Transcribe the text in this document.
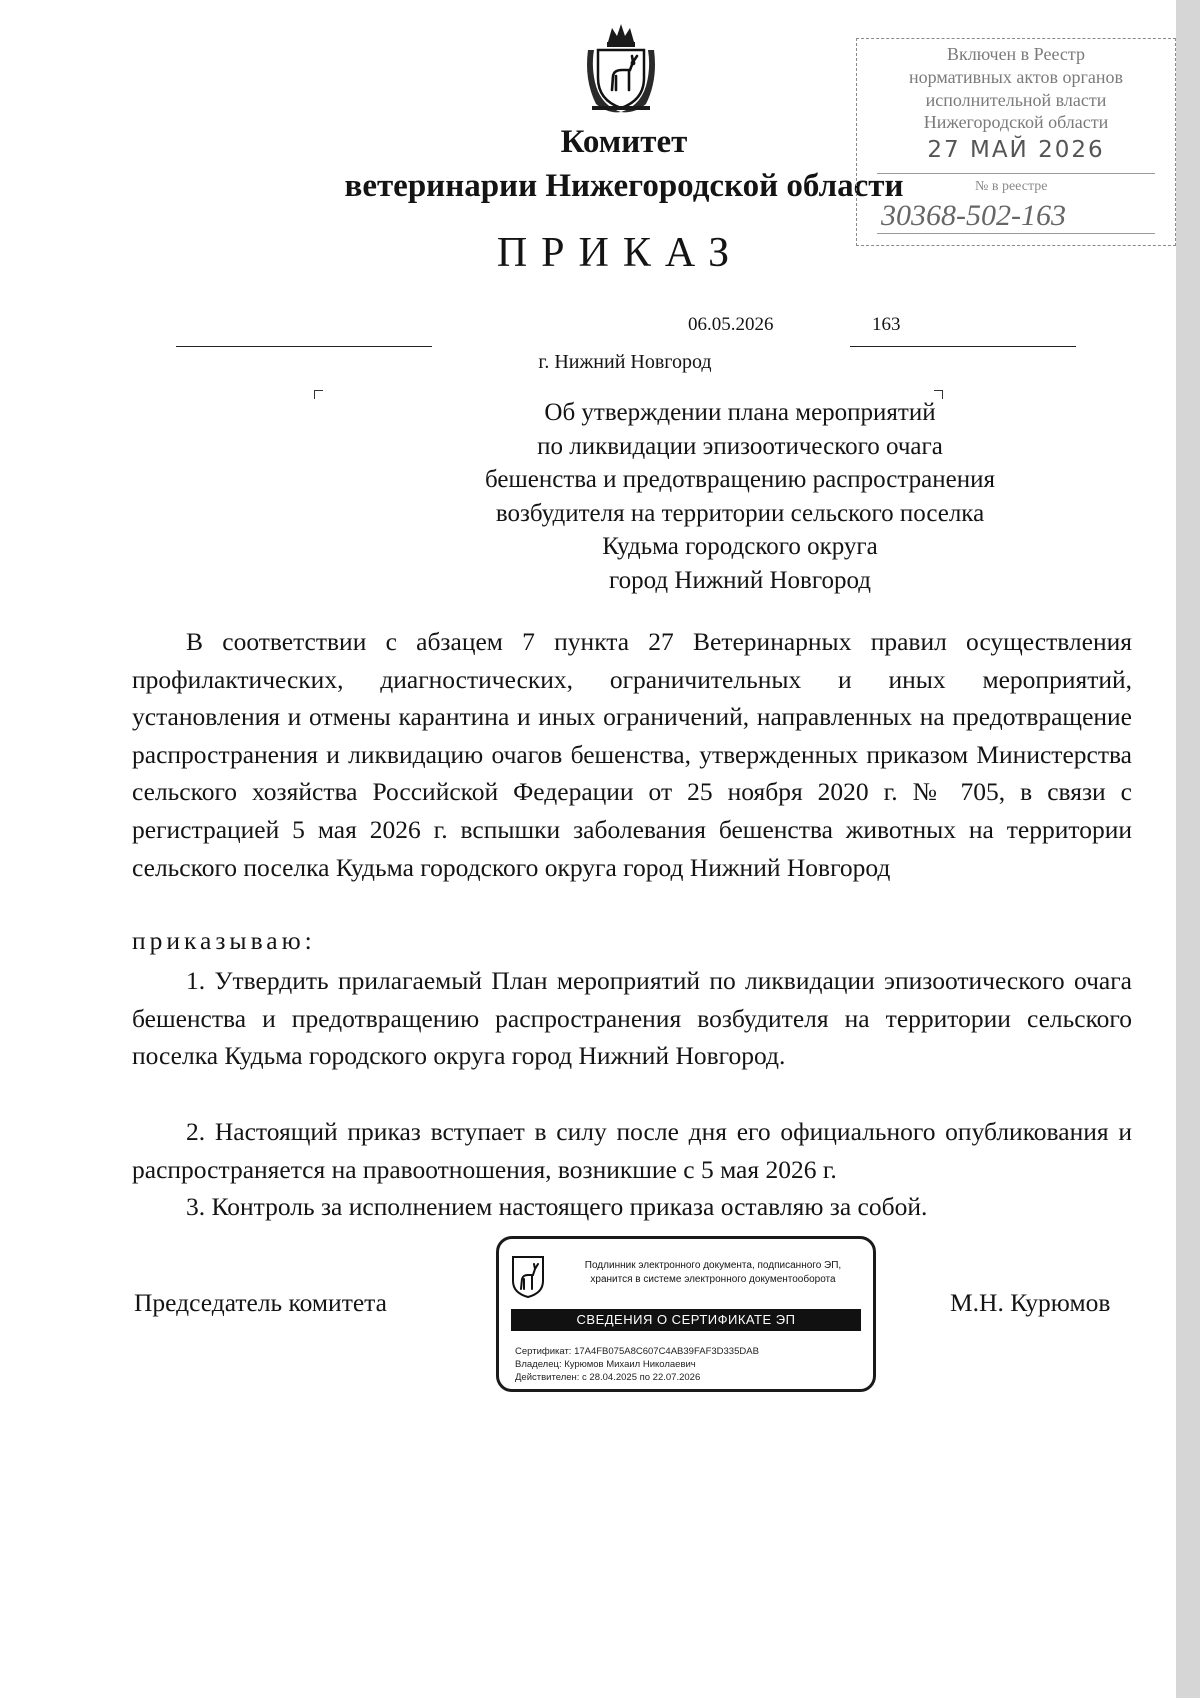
Комитет
ветеринарии Нижегородской области
ПРИКАЗ
Включен в Реестр
нормативных актов органов
исполнительной власти
Нижегородской области
27 МАЙ 2026
№ в реестре
30368-502-163
06.05.2026	163
г. Нижний Новгород
Об утверждении плана мероприятий
по ликвидации эпизоотического очага
бешенства и предотвращению распространения
возбудителя на территории сельского поселка
Кудьма городского округа
город Нижний Новгород
В соответствии с абзацем 7 пункта 27 Ветеринарных правил осуществления профилактических, диагностических, ограничительных и иных мероприятий, установления и отмены карантина и иных ограничений, направленных на предотвращение распространения и ликвидацию очагов бешенства, утвержденных приказом Министерства сельского хозяйства Российской Федерации от 25 ноября 2020 г. № 705, в связи с регистрацией 5 мая 2026 г. вспышки заболевания бешенства животных на территории сельского поселка Кудьма городского округа город Нижний Новгород
приказываю:
1. Утвердить прилагаемый План мероприятий по ликвидации эпизоотического очага бешенства и предотвращению распространения возбудителя на территории сельского поселка Кудьма городского округа город Нижний Новгород.
2. Настоящий приказ вступает в силу после дня его официального опубликования и распространяется на правоотношения, возникшие с 5 мая 2026 г.
3. Контроль за исполнением настоящего приказа оставляю за собой.
Председатель комитета	М.Н. Курюмов
Подлинник электронного документа, подписанного ЭП,
хранится в системе электронного документооборота
СВЕДЕНИЯ О СЕРТИФИКАТЕ ЭП
Сертификат: 17A4FB075A8C607C4AB39FAF3D335DAB
Владелец: Курюмов Михаил Николаевич
Действителен: с 28.04.2025 по 22.07.2026
